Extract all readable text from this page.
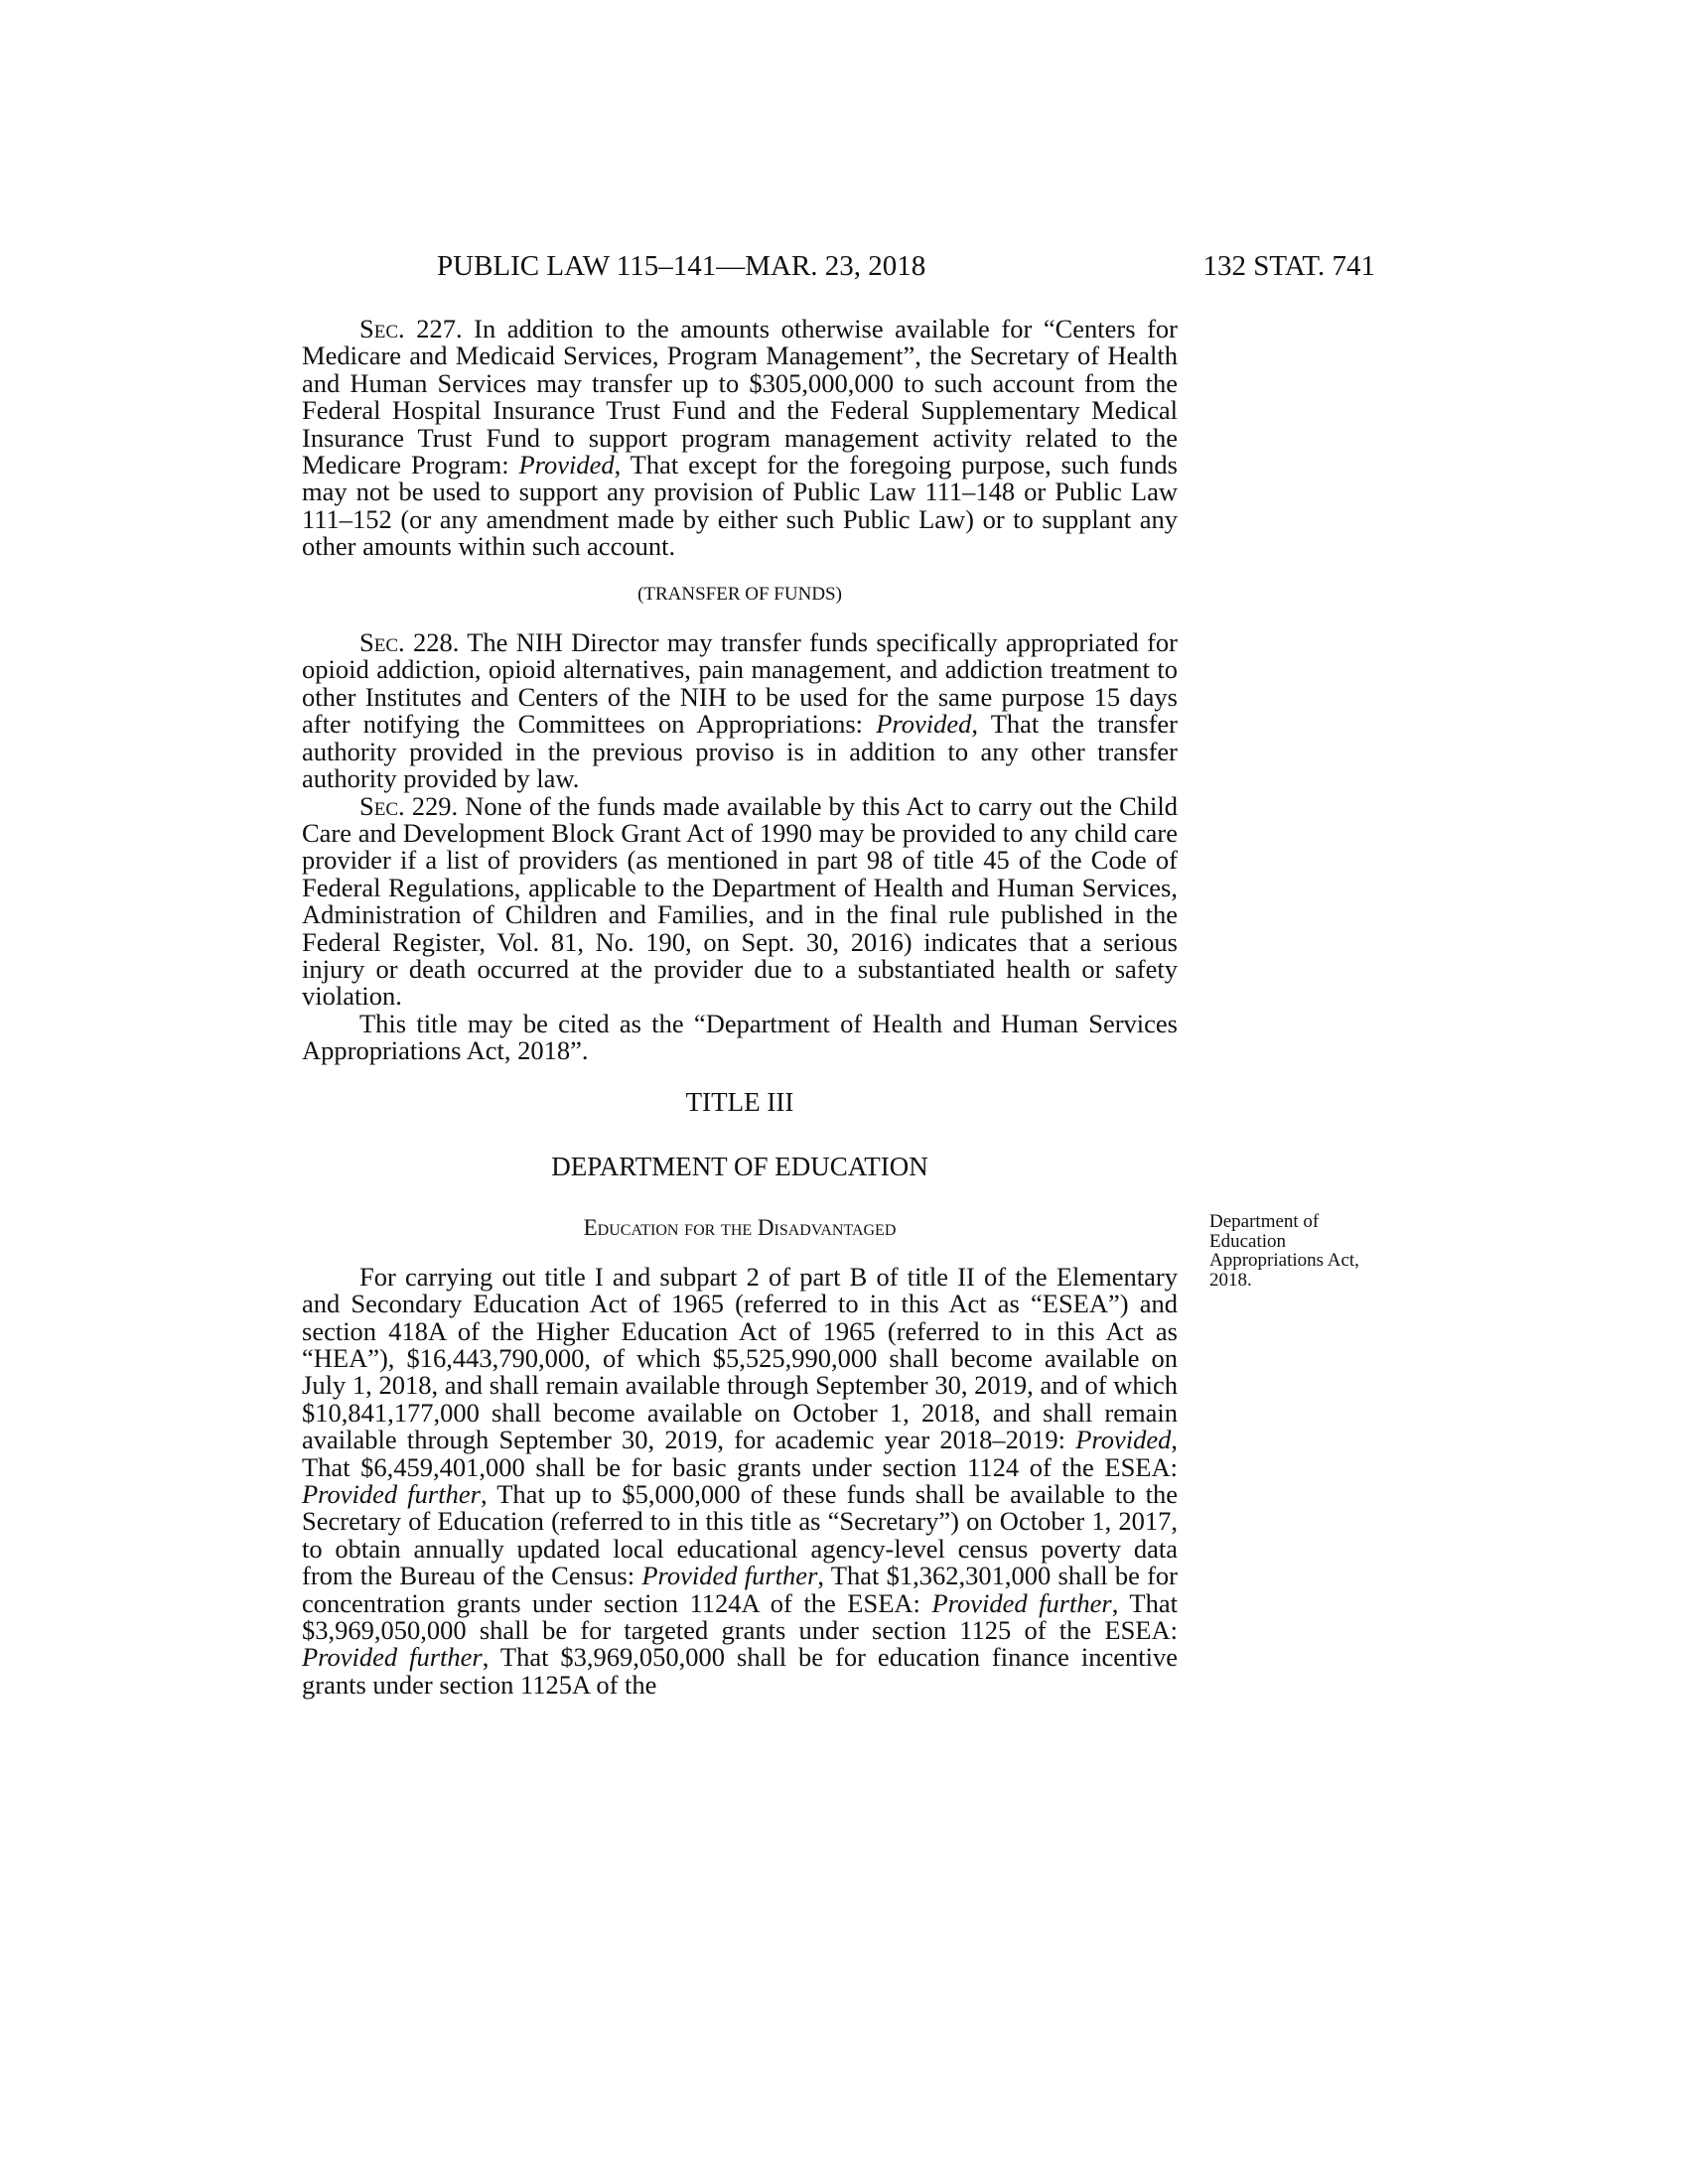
PUBLIC LAW 115–141—MAR. 23, 2018	132 STAT. 741

Sec. 227. In addition to the amounts otherwise available for “Centers for Medicare and Medicaid Services, Program Management”, the Secretary of Health and Human Services may transfer up to $305,000,000 to such account from the Federal Hospital Insurance Trust Fund and the Federal Supplementary Medical Insurance Trust Fund to support program management activity related to the Medicare Program: Provided, That except for the foregoing purpose, such funds may not be used to support any provision of Public Law 111–148 or Public Law 111–152 (or any amendment made by either such Public Law) or to supplant any other amounts within such account.

(TRANSFER OF FUNDS)

Sec. 228. The NIH Director may transfer funds specifically appropriated for opioid addiction, opioid alternatives, pain management, and addiction treatment to other Institutes and Centers of the NIH to be used for the same purpose 15 days after notifying the Committees on Appropriations: Provided, That the transfer authority provided in the previous proviso is in addition to any other transfer authority provided by law.

Sec. 229. None of the funds made available by this Act to carry out the Child Care and Development Block Grant Act of 1990 may be provided to any child care provider if a list of providers (as mentioned in part 98 of title 45 of the Code of Federal Regulations, applicable to the Department of Health and Human Services, Administration of Children and Families, and in the final rule published in the Federal Register, Vol. 81, No. 190, on Sept. 30, 2016) indicates that a serious injury or death occurred at the provider due to a substantiated health or safety violation.

This title may be cited as the “Department of Health and Human Services Appropriations Act, 2018”.

TITLE III

DEPARTMENT OF EDUCATION

Education for the Disadvantaged

For carrying out title I and subpart 2 of part B of title II of the Elementary and Secondary Education Act of 1965 (referred to in this Act as “ESEA”) and section 418A of the Higher Education Act of 1965 (referred to in this Act as “HEA”), $16,443,790,000, of which $5,525,990,000 shall become available on July 1, 2018, and shall remain available through September 30, 2019, and of which $10,841,177,000 shall become available on October 1, 2018, and shall remain available through September 30, 2019, for academic year 2018–2019: Provided, That $6,459,401,000 shall be for basic grants under section 1124 of the ESEA: Provided further, That up to $5,000,000 of these funds shall be available to the Secretary of Education (referred to in this title as “Secretary”) on October 1, 2017, to obtain annually updated local educational agency-level census poverty data from the Bureau of the Census: Provided further, That $1,362,301,000 shall be for concentration grants under section 1124A of the ESEA: Provided further, That $3,969,050,000 shall be for targeted grants under section 1125 of the ESEA: Provided further, That $3,969,050,000 shall be for education finance incentive grants under section 1125A of the

Department of Education Appropriations Act, 2018.
